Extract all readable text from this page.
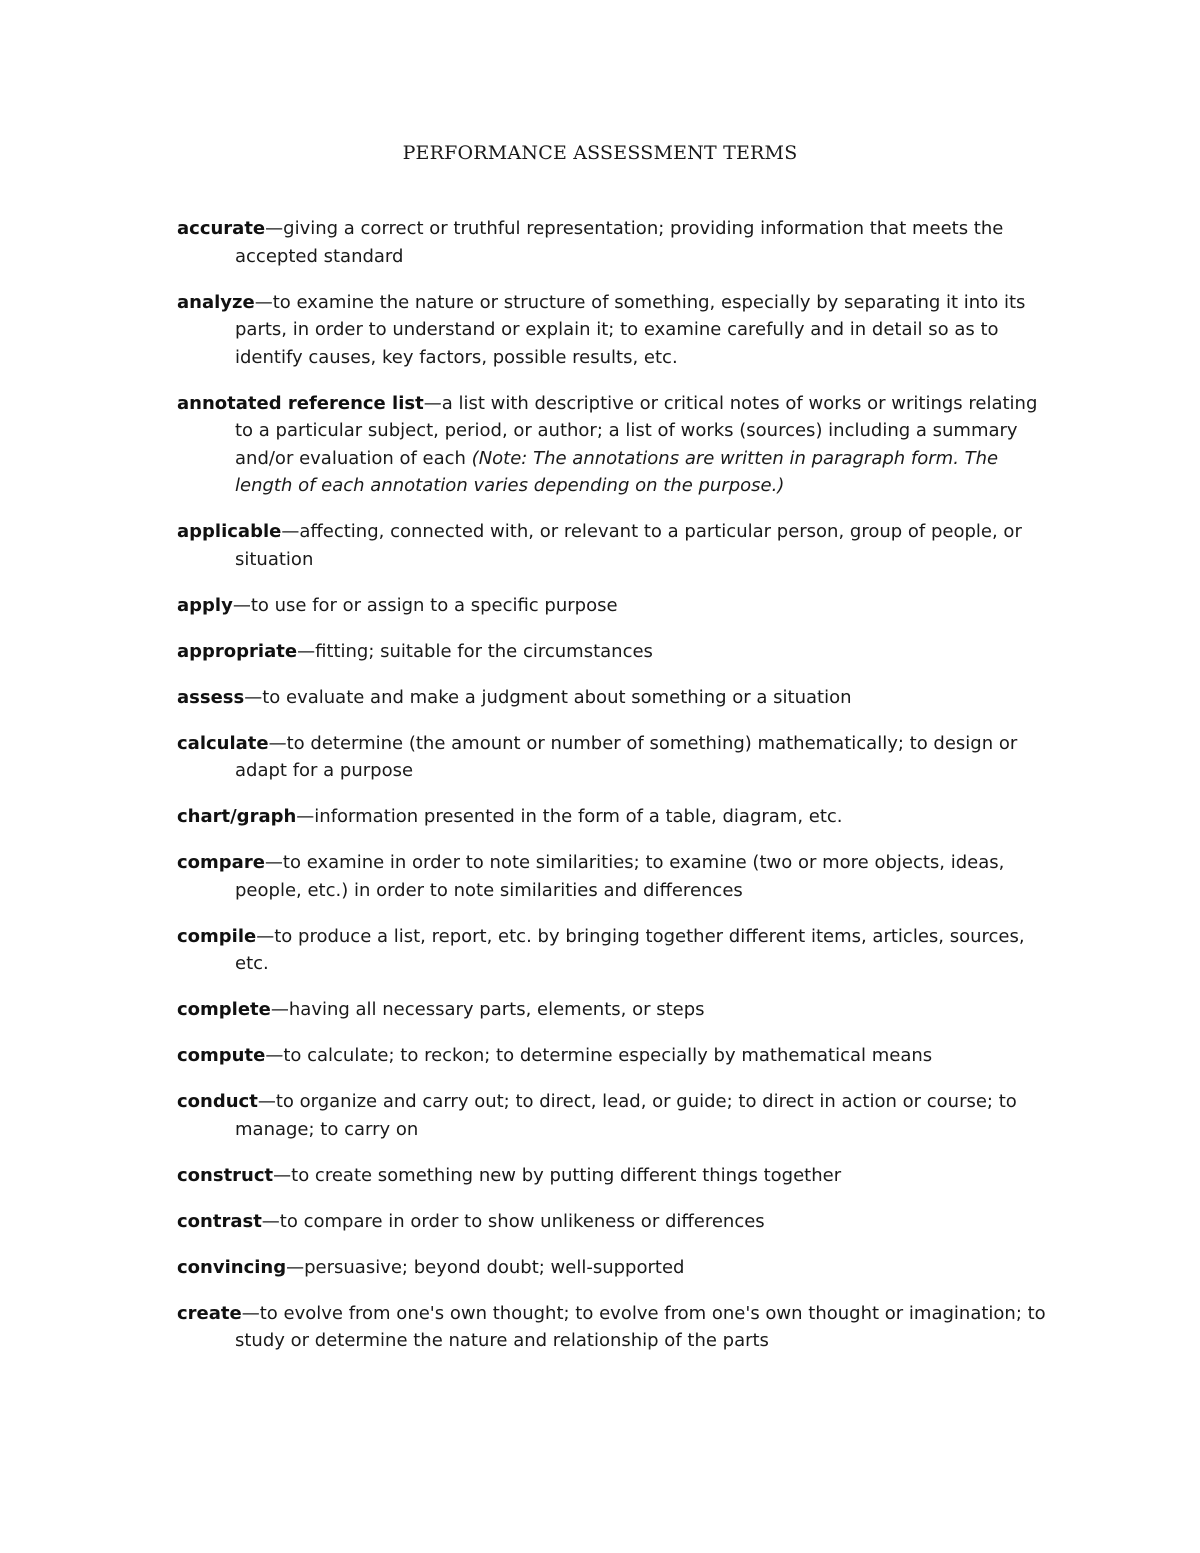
PERFORMANCE ASSESSMENT TERMS
accurate—giving a correct or truthful representation; providing information that meets the accepted standard
analyze—to examine the nature or structure of something, especially by separating it into its parts, in order to understand or explain it; to examine carefully and in detail so as to identify causes, key factors, possible results, etc.
annotated reference list—a list with descriptive or critical notes of works or writings relating to a particular subject, period, or author; a list of works (sources) including a summary and/or evaluation of each (Note: The annotations are written in paragraph form. The length of each annotation varies depending on the purpose.)
applicable—affecting, connected with, or relevant to a particular person, group of people, or situation
apply—to use for or assign to a specific purpose
appropriate—fitting; suitable for the circumstances
assess—to evaluate and make a judgment about something or a situation
calculate—to determine (the amount or number of something) mathematically; to design or adapt for a purpose
chart/graph—information presented in the form of a table, diagram, etc.
compare—to examine in order to note similarities; to examine (two or more objects, ideas, people, etc.) in order to note similarities and differences
compile—to produce a list, report, etc. by bringing together different items, articles, sources, etc.
complete—having all necessary parts, elements, or steps
compute—to calculate; to reckon; to determine especially by mathematical means
conduct—to organize and carry out; to direct, lead, or guide; to direct in action or course; to manage; to carry on
construct—to create something new by putting different things together
contrast—to compare in order to show unlikeness or differences
convincing—persuasive; beyond doubt; well-supported
create—to evolve from one's own thought; to evolve from one's own thought or imagination; to study or determine the nature and relationship of the parts
